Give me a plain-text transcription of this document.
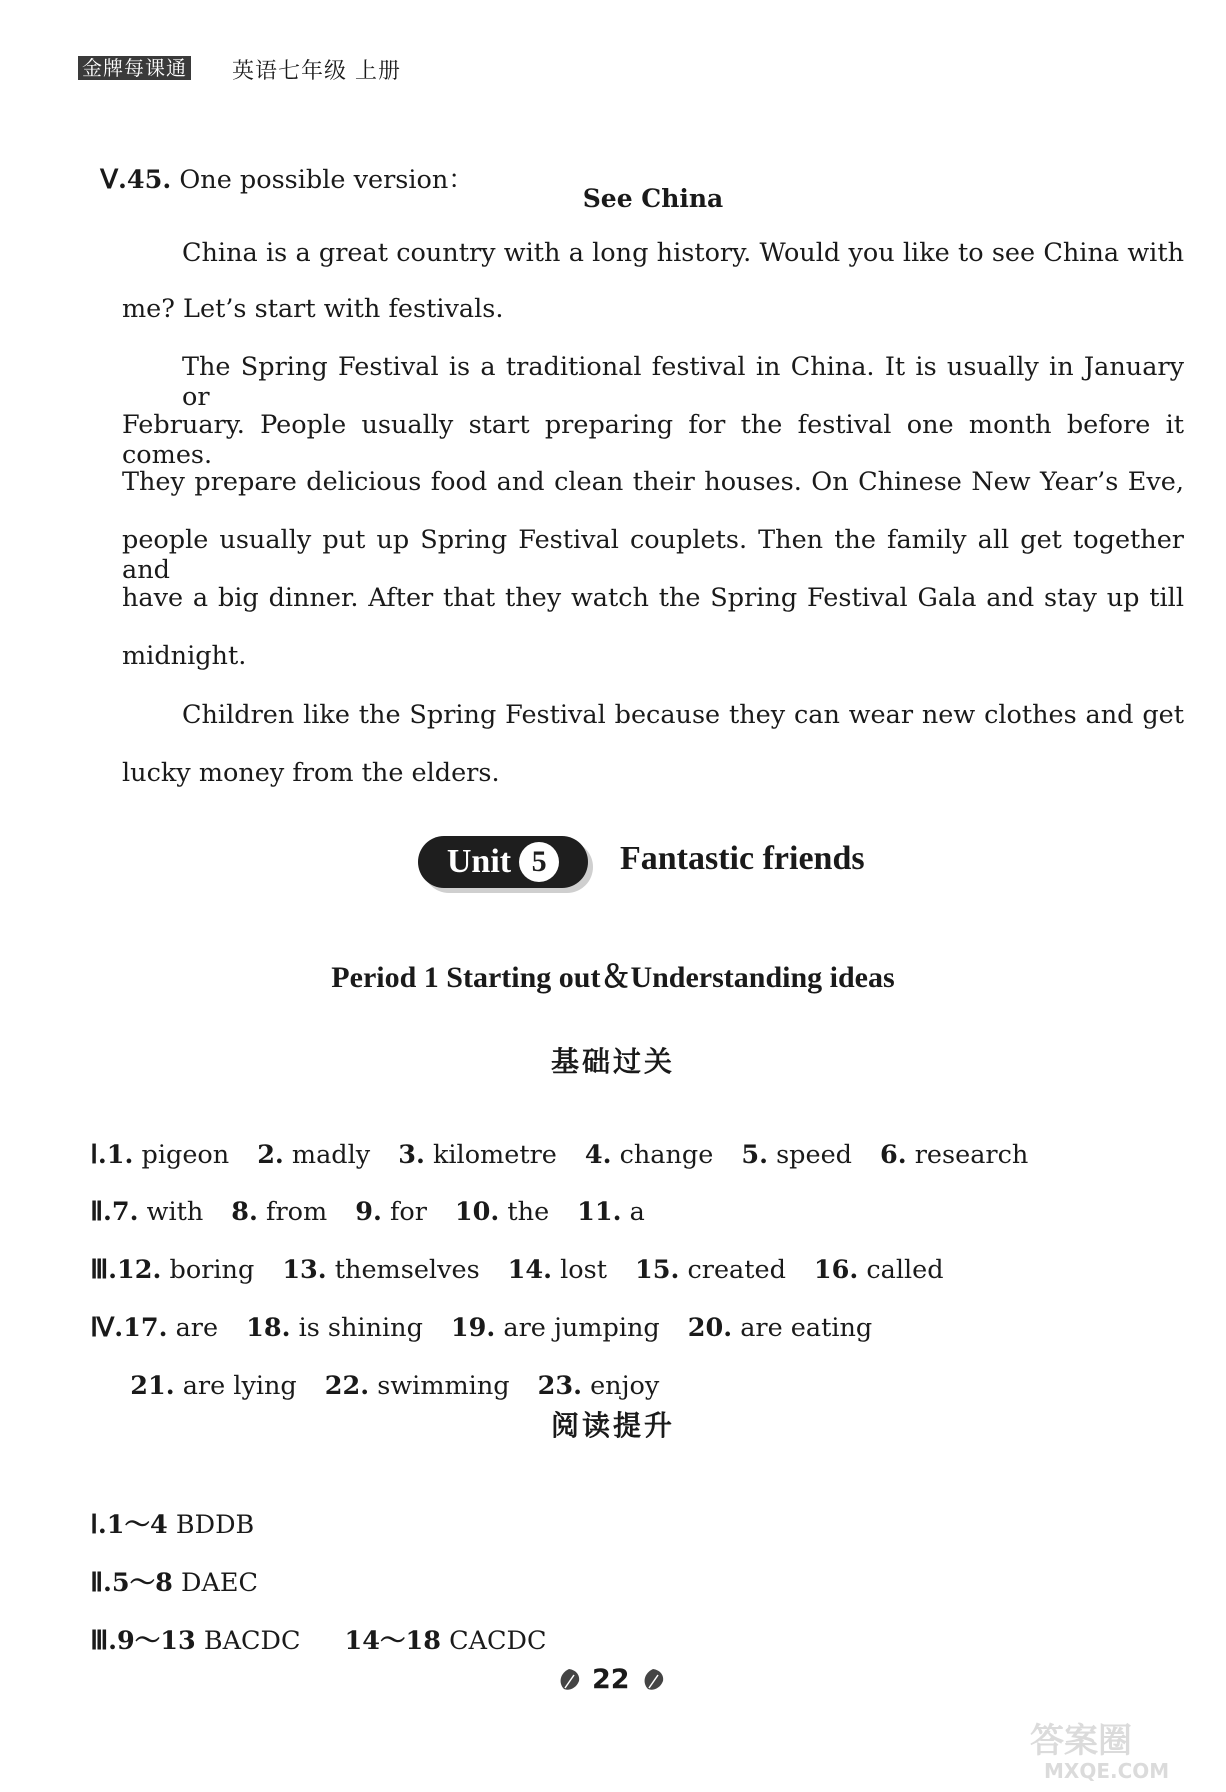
金牌每课通 英语七年级 上册

Ⅴ.45. One possible version：

See China
China is a great country with a long history. Would you like to see China with
me? Let’s start with festivals.
The Spring Festival is a traditional festival in China. It is usually in January or
February. People usually start preparing for the festival one month before it comes.
They prepare delicious food and clean their houses. On Chinese New Year’s Eve,
people usually put up Spring Festival couplets. Then the family all get together and
have a big dinner. After that they watch the Spring Festival Gala and stay up till
midnight.
Children like the Spring Festival because they can wear new clothes and get
lucky money from the elders.
Unit 5	Fantastic friends
Period 1 Starting out＆Understanding ideas
基础过关

Ⅰ.1. pigeon 2. madly 3. kilometre 4. change 5. speed 6. research

Ⅱ.7. with 8. from 9. for 10. the 11. a

Ⅲ.12. boring 13. themselves 14. lost 15. created 16. called

Ⅳ.17. are 18. is shining 19. are jumping 20. are eating

21. are lying 22. swimming 23. enjoy

阅读提升

Ⅰ.1～4 BDDB

Ⅱ.5～8 DAEC

Ⅲ.9～13 BACDC 14～18 CACDC

22
答案圈
MXQE.COM
